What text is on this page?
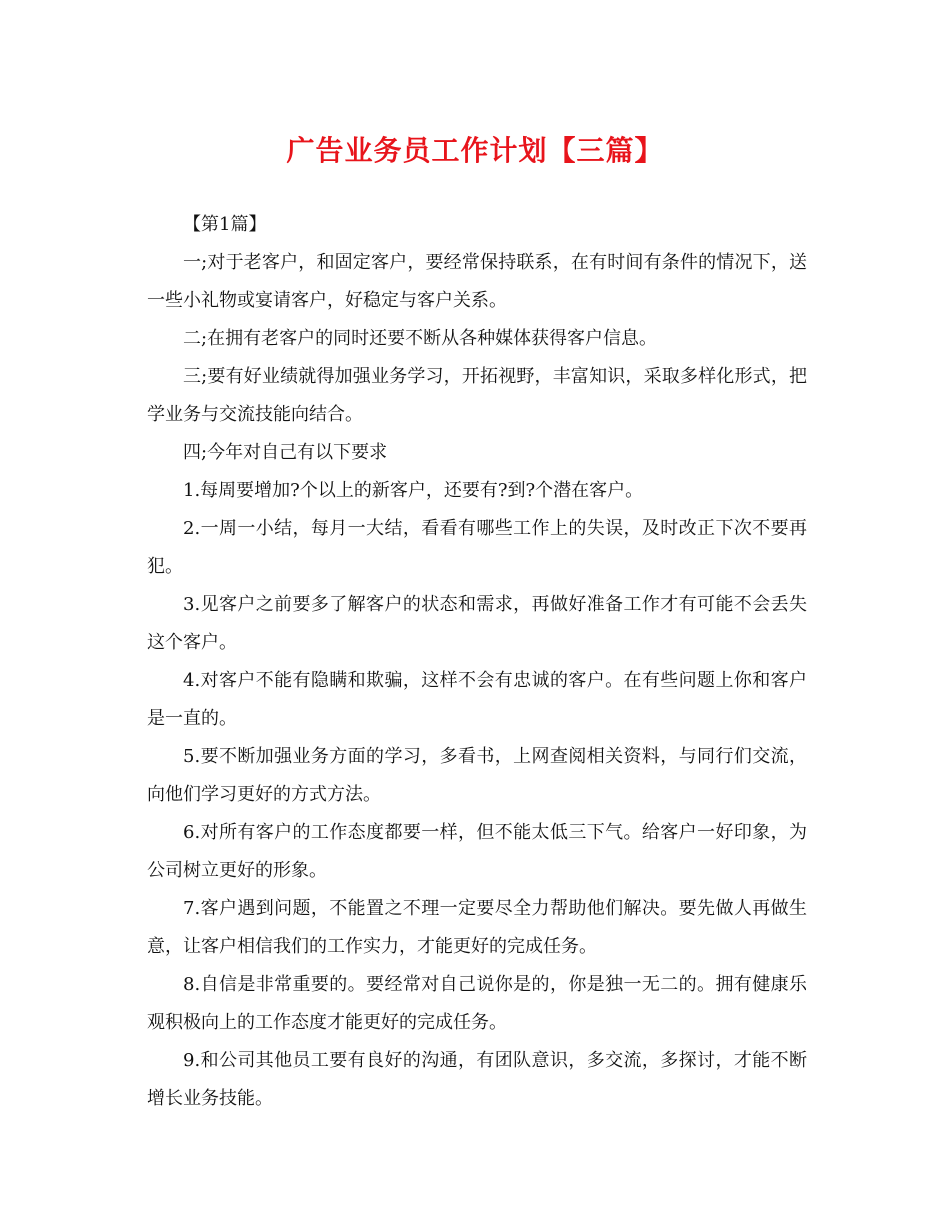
广告业务员工作计划【三篇】

【第1篇】

一;对于老客户，和固定客户，要经常保持联系，在有时间有条件的情况下，送一些小礼物或宴请客户，好稳定与客户关系。

二;在拥有老客户的同时还要不断从各种媒体获得客户信息。

三;要有好业绩就得加强业务学习，开拓视野，丰富知识，采取多样化形式，把学业务与交流技能向结合。

四;今年对自己有以下要求

1.每周要增加?个以上的新客户，还要有?到?个潜在客户。

2.一周一小结，每月一大结，看看有哪些工作上的失误，及时改正下次不要再犯。

3.见客户之前要多了解客户的状态和需求，再做好准备工作才有可能不会丢失这个客户。

4.对客户不能有隐瞒和欺骗，这样不会有忠诚的客户。在有些问题上你和客户是一直的。

5.要不断加强业务方面的学习，多看书，上网查阅相关资料，与同行们交流，向他们学习更好的方式方法。

6.对所有客户的工作态度都要一样，但不能太低三下气。给客户一好印象，为公司树立更好的形象。

7.客户遇到问题，不能置之不理一定要尽全力帮助他们解决。要先做人再做生意，让客户相信我们的工作实力，才能更好的完成任务。

8.自信是非常重要的。要经常对自己说你是的，你是独一无二的。拥有健康乐观积极向上的工作态度才能更好的完成任务。

9.和公司其他员工要有良好的沟通，有团队意识，多交流，多探讨，才能不断增长业务技能。
